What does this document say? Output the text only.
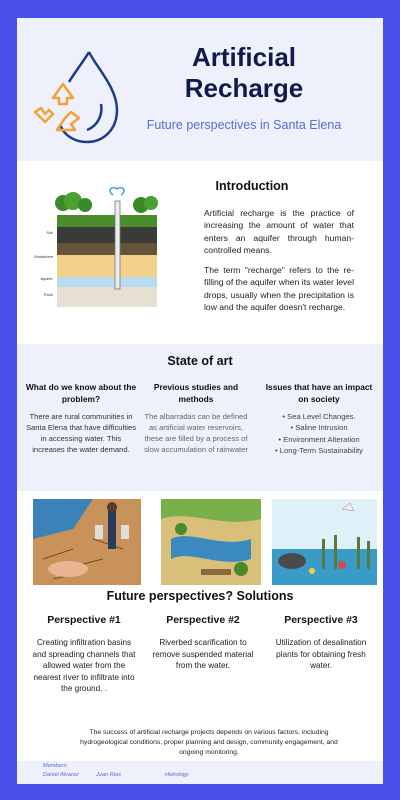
Artificial Recharge
Future perspectives in Santa Elena
Soil
Sandstone
Aquifer
Rock
Introduction

Artificial recharge is the practice of increasing the amount of water that enters an aquifer through human-controlled means.

The term "recharge" refers to the re-filling of the aquifer when its water level drops, usually when the precipitation is low and the aquifer doesn't recharge.

State of art
What do we know about the problem?

There are rural communities in Santa Elena that have difficulties in accessing water. This increases the water demand.

Previous studies and methods

The albarradas can be defined as artificial water reservoirs, these are filled by a process of slow accumulation of rainwater

Issues that have an impact on society
• Sea Level Changes.
• Saline Intrusion
• Environment Alteration
• Long-Term Sustainability
Future perspectives? Solutions
Perspective #1

Creating infiltration basins and spreading channels that allowed water from the nearest river to infiltrate into the ground. .

Perspective #2

Riverbed scarification to remove suspended material from the water.

Perspective #3

Utilization of desalination plants for obtaining fresh water.

The success of artificial recharge projects depends on various factors, including hydrogeological conditions, proper planning and design, community engagement, and ongoing monitoring.

Members:
Daniel Alvarez	Juan Rios	Hidrology
